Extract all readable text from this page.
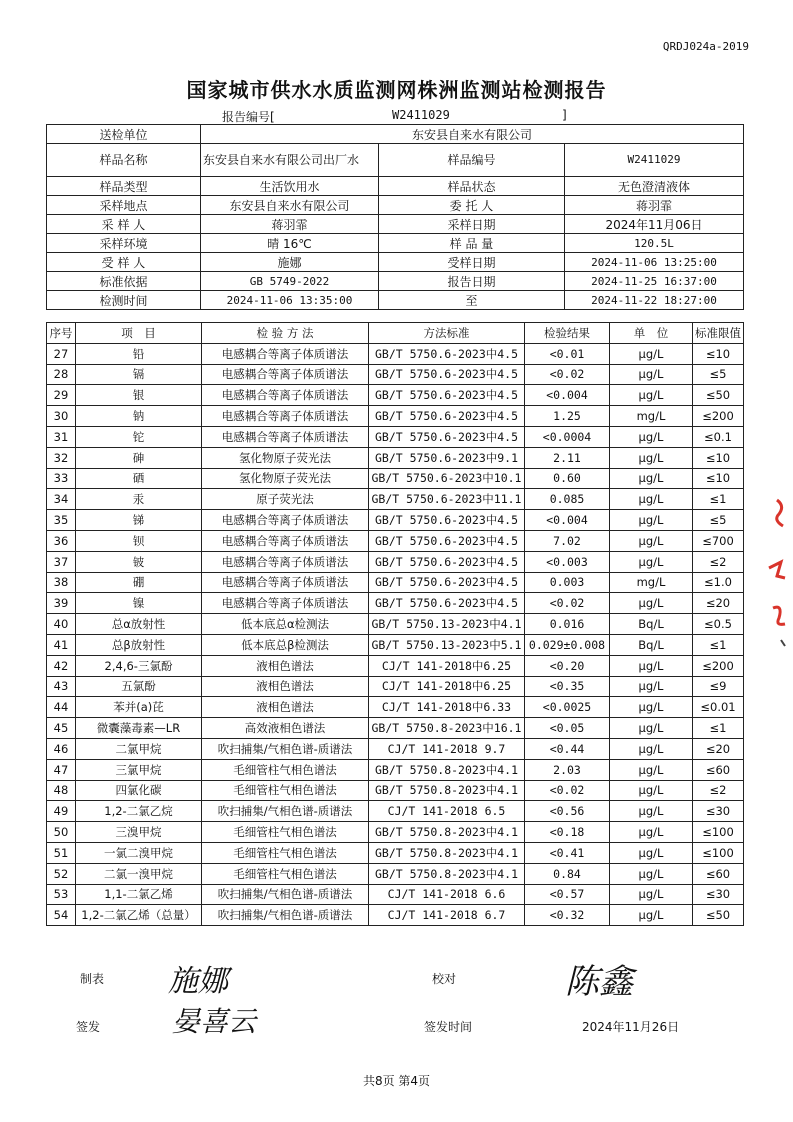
QRDJ024a-2019
国家城市供水水质监测网株洲监测站检测报告
报告编号[	W2411029	]
送检单位	东安县自来水有限公司		
样品名称	东安县自来水有限公司出厂水	样品编号	W2411029
样品类型	生活饮用水	样品状态	无色澄清液体
采样地点	东安县自来水有限公司	委 托 人	蒋羽霏
采 样 人	蒋羽霏	采样日期	2024年11月06日
采样环境	晴 16℃	样 品 量	120.5L
受 样 人	施娜	受样日期	2024-11-06 13:25:00
标准依据	GB 5749-2022	报告日期	2024-11-25 16:37:00
检测时间	2024-11-06 13:35:00	至	2024-11-22 18:27:00
序号	项　目	检 验 方 法	方法标准	检验结果	单　位	标准限值
27	铅	电感耦合等离子体质谱法	GB/T 5750.6-2023中4.5	<0.01	μg/L	≤10
28	镉	电感耦合等离子体质谱法	GB/T 5750.6-2023中4.5	<0.02	μg/L	≤5
29	银	电感耦合等离子体质谱法	GB/T 5750.6-2023中4.5	<0.004	μg/L	≤50
30	钠	电感耦合等离子体质谱法	GB/T 5750.6-2023中4.5	1.25	mg/L	≤200
31	铊	电感耦合等离子体质谱法	GB/T 5750.6-2023中4.5	<0.0004	μg/L	≤0.1
32	砷	氢化物原子荧光法	GB/T 5750.6-2023中9.1	2.11	μg/L	≤10
33	硒	氢化物原子荧光法	GB/T 5750.6-2023中10.1	0.60	μg/L	≤10
34	汞	原子荧光法	GB/T 5750.6-2023中11.1	0.085	μg/L	≤1
35	锑	电感耦合等离子体质谱法	GB/T 5750.6-2023中4.5	<0.004	μg/L	≤5
36	钡	电感耦合等离子体质谱法	GB/T 5750.6-2023中4.5	7.02	μg/L	≤700
37	铍	电感耦合等离子体质谱法	GB/T 5750.6-2023中4.5	<0.003	μg/L	≤2
38	硼	电感耦合等离子体质谱法	GB/T 5750.6-2023中4.5	0.003	mg/L	≤1.0
39	镍	电感耦合等离子体质谱法	GB/T 5750.6-2023中4.5	<0.02	μg/L	≤20
40	总α放射性	低本底总α检测法	GB/T 5750.13-2023中4.1	0.016	Bq/L	≤0.5
41	总β放射性	低本底总β检测法	GB/T 5750.13-2023中5.1	0.029±0.008	Bq/L	≤1
42	2,4,6-三氯酚	液相色谱法	CJ/T 141-2018中6.25	<0.20	μg/L	≤200
43	五氯酚	液相色谱法	CJ/T 141-2018中6.25	<0.35	μg/L	≤9
44	苯并(a)芘	液相色谱法	CJ/T 141-2018中6.33	<0.0025	μg/L	≤0.01
45	微囊藻毒素—LR	高效液相色谱法	GB/T 5750.8-2023中16.1	<0.05	μg/L	≤1
46	二氯甲烷	吹扫捕集/气相色谱-质谱法	CJ/T 141-2018 9.7	<0.44	μg/L	≤20
47	三氯甲烷	毛细管柱气相色谱法	GB/T 5750.8-2023中4.1	2.03	μg/L	≤60
48	四氯化碳	毛细管柱气相色谱法	GB/T 5750.8-2023中4.1	<0.02	μg/L	≤2
49	1,2-二氯乙烷	吹扫捕集/气相色谱-质谱法	CJ/T 141-2018 6.5	<0.56	μg/L	≤30
50	三溴甲烷	毛细管柱气相色谱法	GB/T 5750.8-2023中4.1	<0.18	μg/L	≤100
51	一氯二溴甲烷	毛细管柱气相色谱法	GB/T 5750.8-2023中4.1	<0.41	μg/L	≤100
52	二氯一溴甲烷	毛细管柱气相色谱法	GB/T 5750.8-2023中4.1	0.84	μg/L	≤60
53	1,1-二氯乙烯	吹扫捕集/气相色谱-质谱法	CJ/T 141-2018 6.6	<0.57	μg/L	≤30
54	1,2-二氯乙烯（总量）	吹扫捕集/气相色谱-质谱法	CJ/T 141-2018 6.7	<0.32	μg/L	≤50
制表 施娜	校对	陈鑫
签发	晏喜云	签发时间	2024年11月26日
共8页 第4页
